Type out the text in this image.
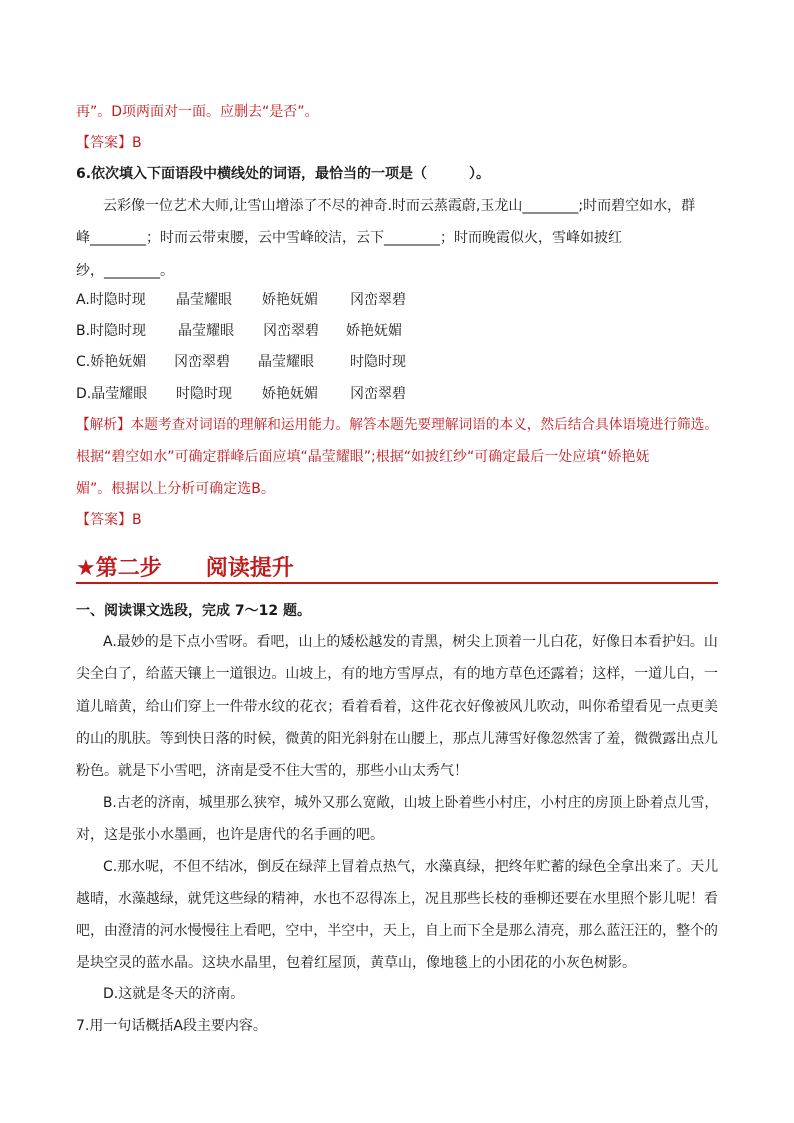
再”。D项两面对一面。应删去“是否”。
【答案】B
6.依次填入下面语段中横线处的词语，最恰当的一项是（　　　）。
云彩像一位艺术大师,让雪山增添了不尽的神奇.时而云蒸霞蔚,玉龙山________;时而碧空如水，群
峰________；时而云带束腰，云中雪峰皎洁，云下________；时而晚霞似火，雪峰如披红
纱，________。
A.时隐时现 晶莹耀眼 娇艳妩媚 冈峦翠碧
B.时隐时现 晶莹耀眼 冈峦翠碧 娇艳妩媚
C.娇艳妩媚 冈峦翠碧 晶莹耀眼	时隐时现
D.晶莹耀眼 时隐时现 娇艳妩媚 冈峦翠碧
【解析】本题考查对词语的理解和运用能力。解答本题先要理解词语的本义，然后结合具体语境进行筛选。
根据“碧空如水”可确定群峰后面应填“晶莹耀眼”;根据“如披红纱“可确定最后一处应填“娇艳妩
媚”。根据以上分析可确定选B。
【答案】B
★第二步 阅读提升
一、阅读课文选段，完成 7～12 题。
A.最妙的是下点小雪呀。看吧，山上的矮松越发的青黑，树尖上顶着一儿白花，好像日本看护妇。山
尖全白了，给蓝天镶上一道银边。山坡上，有的地方雪厚点，有的地方草色还露着；这样，一道儿白，一
道儿暗黄，给山们穿上一件带水纹的花衣；看着看着，这件花衣好像被风儿吹动，叫你希望看见一点更美
的山的肌肤。等到快日落的时候，微黄的阳光斜射在山腰上，那点儿薄雪好像忽然害了羞，微微露出点儿
粉色。就是下小雪吧，济南是受不住大雪的，那些小山太秀气！
B.古老的济南，城里那么狭窄，城外又那么宽敞，山坡上卧着些小村庄，小村庄的房顶上卧着点儿雪，
对，这是张小水墨画，也许是唐代的名手画的吧。
C.那水呢，不但不结冰，倒反在绿萍上冒着点热气，水藻真绿，把终年贮蓄的绿色全拿出来了。天儿
越晴，水藻越绿，就凭这些绿的精神，水也不忍得冻上，况且那些长枝的垂柳还要在水里照个影儿呢！看
吧，由澄清的河水慢慢往上看吧，空中，半空中，天上，自上而下全是那么清亮，那么蓝汪汪的，整个的
是块空灵的蓝水晶。这块水晶里，包着红屋顶，黄草山，像地毯上的小团花的小灰色树影。
D.这就是冬天的济南。
7.用一句话概括A段主要内容。
